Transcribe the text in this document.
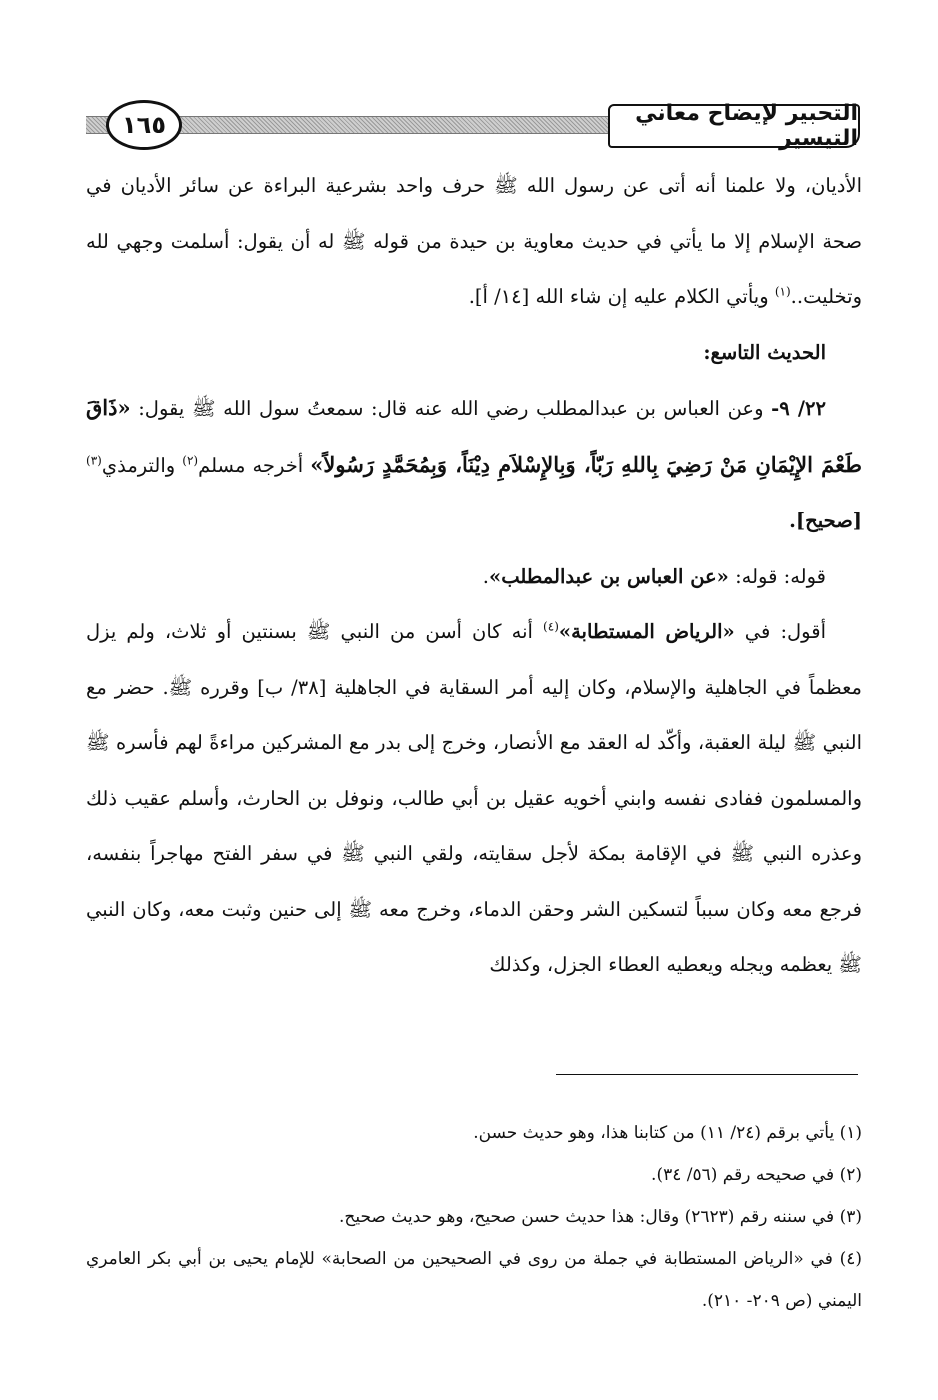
التحبير لإيضاح معاني التيسير
١٦٥

الأديان، ولا علمنا أنه أتى عن رسول الله ﷺ حرف واحد بشرعية البراءة عن سائر الأديان في صحة الإسلام إلا ما يأتي في حديث معاوية بن حيدة من قوله ﷺ له أن يقول: أسلمت وجهي لله وتخليت..$^{(١)}$ ويأتي الكلام عليه إن شاء الله [١٤/ أ].

الحديث التاسع:

٢٢/ ٩- وعن العباس بن عبدالمطلب رضي الله عنه قال: سمعتُ سول الله ﷺ يقول: «ذَاقَ طَعْمَ الإِيْمَانِ مَنْ رَضِيَ بِاللهِ رَبّاً، وَبِالإِسْلاَمِ دِيْنَاً، وَبِمُحَمَّدٍ رَسُولاً» أخرجه مسلم$^{(٢)}$ والترمذي$^{(٣)}$ [صحيح].

قوله: قوله: «عن العباس بن عبدالمطلب».

أقول: في «الرياض المستطابة»$^{(٤)}$ أنه كان أسن من النبي ﷺ بسنتين أو ثلاث، ولم يزل معظماً في الجاهلية والإسلام، وكان إليه أمر السقاية في الجاهلية [٣٨/ ب] وقرره ﷺ. حضر مع النبي ﷺ ليلة العقبة، وأكّد له العقد مع الأنصار، وخرج إلى بدر مع المشركين مراءةً لهم فأسره ﷺ والمسلمون ففادى نفسه وابني أخويه عقيل بن أبي طالب، ونوفل بن الحارث، وأسلم عقيب ذلك وعذره النبي ﷺ في الإقامة بمكة لأجل سقايته، ولقي النبي ﷺ في سفر الفتح مهاجراً بنفسه، فرجع معه وكان سبباً لتسكين الشر وحقن الدماء، وخرج معه ﷺ إلى حنين وثبت معه، وكان النبي ﷺ يعظمه ويجله ويعطيه العطاء الجزل، وكذلك

(١) يأتي برقم (٢٤/ ١١) من كتابنا هذا، وهو حديث حسن.

(٢) في صحيحه رقم (٥٦/ ٣٤).

(٣) في سننه رقم (٢٦٢٣) وقال: هذا حديث حسن صحيح، وهو حديث صحيح.

(٤) في «الرياض المستطابة في جملة من روى في الصحيحين من الصحابة» للإمام يحيى بن أبي بكر العامري اليمني (ص ٢٠٩- ٢١٠).
